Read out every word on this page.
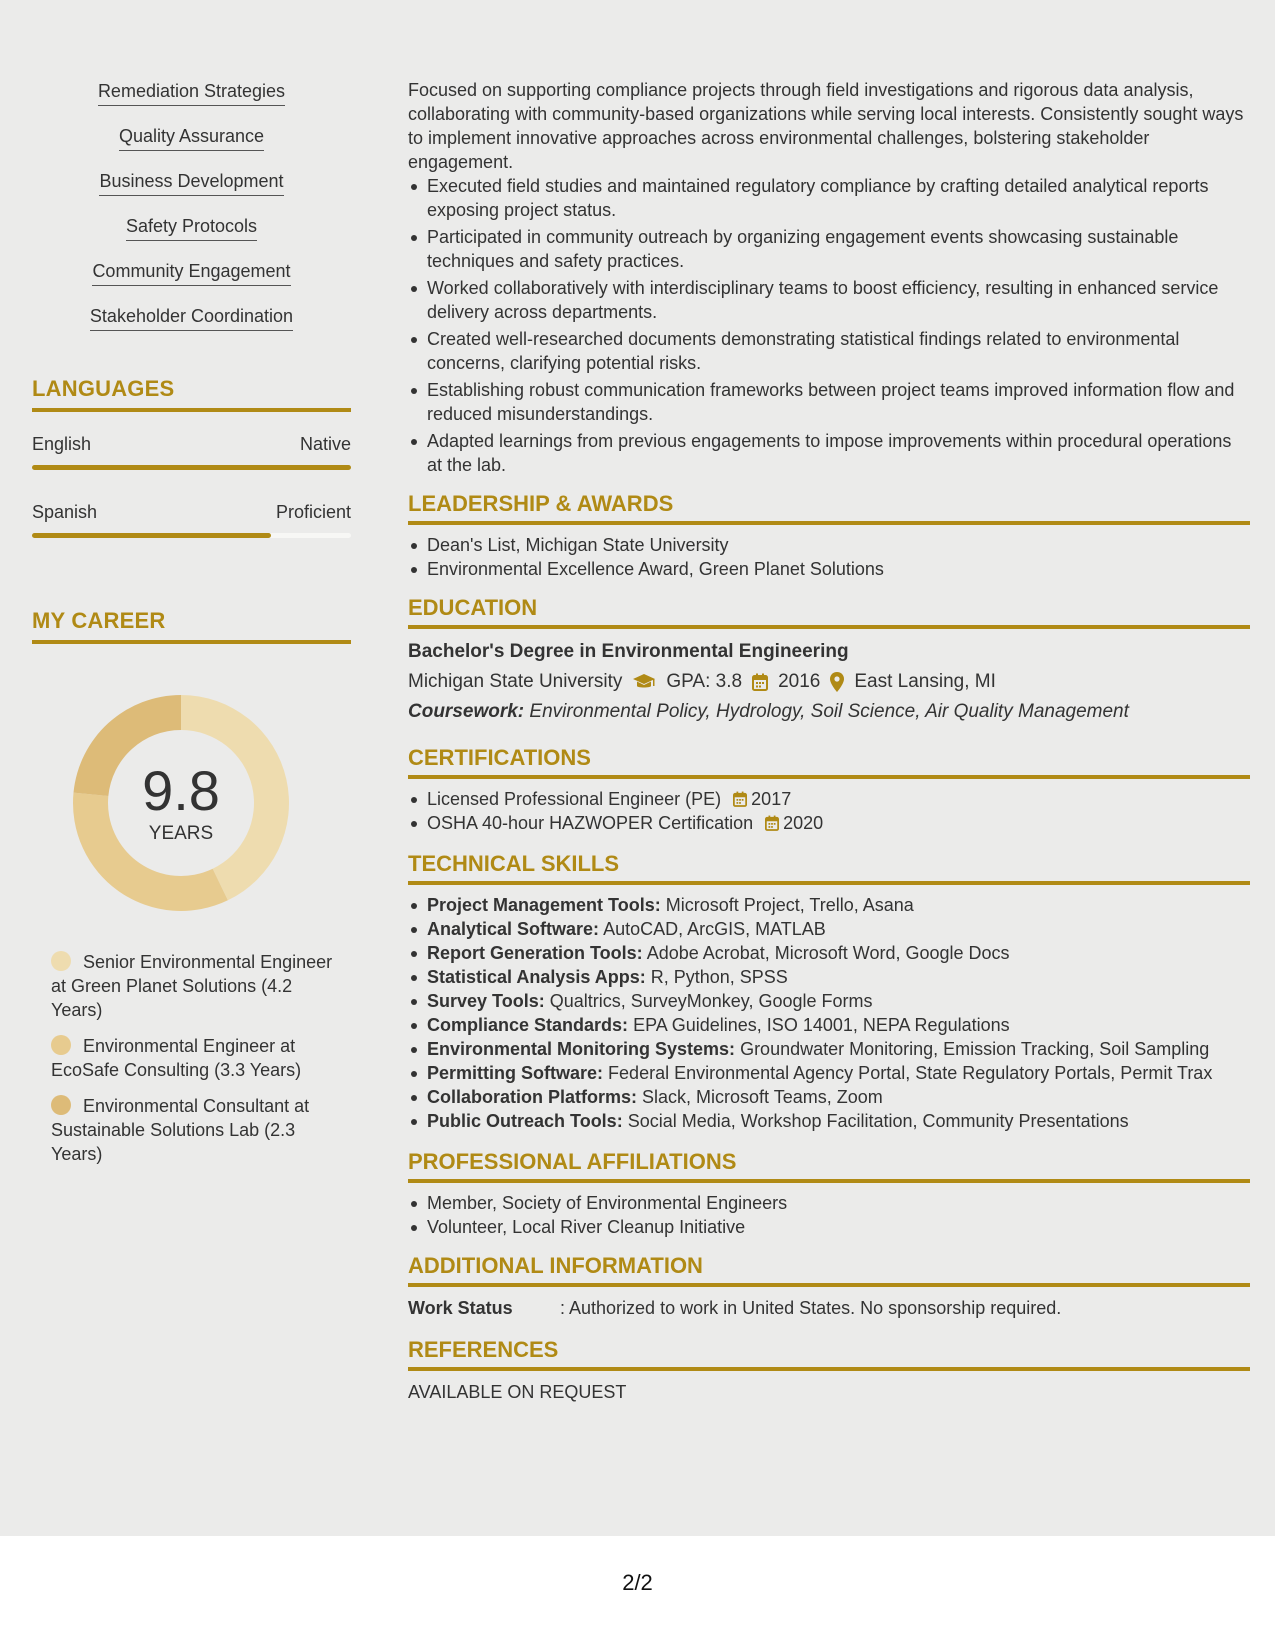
Remediation Strategies
Quality Assurance
Business Development
Safety Protocols
Community Engagement
Stakeholder Coordination
LANGUAGES
English	Native
Spanish	Proficient
MY CAREER
9.8
YEARS
Senior Environmental Engineer at Green Planet Solutions (4.2 Years)
Environmental Engineer at EcoSafe Consulting (3.3 Years)
Environmental Consultant at Sustainable Solutions Lab (2.3 Years)
Focused on supporting compliance projects through field investigations and rigorous data analysis, collaborating with community-based organizations while serving local interests. Consistently sought ways to implement innovative approaches across environmental challenges, bolstering stakeholder engagement.
Executed field studies and maintained regulatory compliance by crafting detailed analytical reports exposing project status.
Participated in community outreach by organizing engagement events showcasing sustainable techniques and safety practices.
Worked collaboratively with interdisciplinary teams to boost efficiency, resulting in enhanced service delivery across departments.
Created well-researched documents demonstrating statistical findings related to environmental concerns, clarifying potential risks.
Establishing robust communication frameworks between project teams improved information flow and reduced misunderstandings.
Adapted learnings from previous engagements to impose improvements within procedural operations at the lab.
LEADERSHIP & AWARDS
Dean's List, Michigan State University
Environmental Excellence Award, Green Planet Solutions
EDUCATION
Bachelor's Degree in Environmental Engineering
Michigan State University GPA: 3.8 2016 East Lansing, MI
Coursework: Environmental Policy, Hydrology, Soil Science, Air Quality Management
CERTIFICATIONS
Licensed Professional Engineer (PE) 2017
OSHA 40-hour HAZWOPER Certification 2020
TECHNICAL SKILLS
Project Management Tools: Microsoft Project, Trello, Asana
Analytical Software: AutoCAD, ArcGIS, MATLAB
Report Generation Tools: Adobe Acrobat, Microsoft Word, Google Docs
Statistical Analysis Apps: R, Python, SPSS
Survey Tools: Qualtrics, SurveyMonkey, Google Forms
Compliance Standards: EPA Guidelines, ISO 14001, NEPA Regulations
Environmental Monitoring Systems: Groundwater Monitoring, Emission Tracking, Soil Sampling
Permitting Software: Federal Environmental Agency Portal, State Regulatory Portals, Permit Trax
Collaboration Platforms: Slack, Microsoft Teams, Zoom
Public Outreach Tools: Social Media, Workshop Facilitation, Community Presentations
PROFESSIONAL AFFILIATIONS
Member, Society of Environmental Engineers
Volunteer, Local River Cleanup Initiative
ADDITIONAL INFORMATION
Work Status	: Authorized to work in United States. No sponsorship required.
REFERENCES
AVAILABLE ON REQUEST
2/2
